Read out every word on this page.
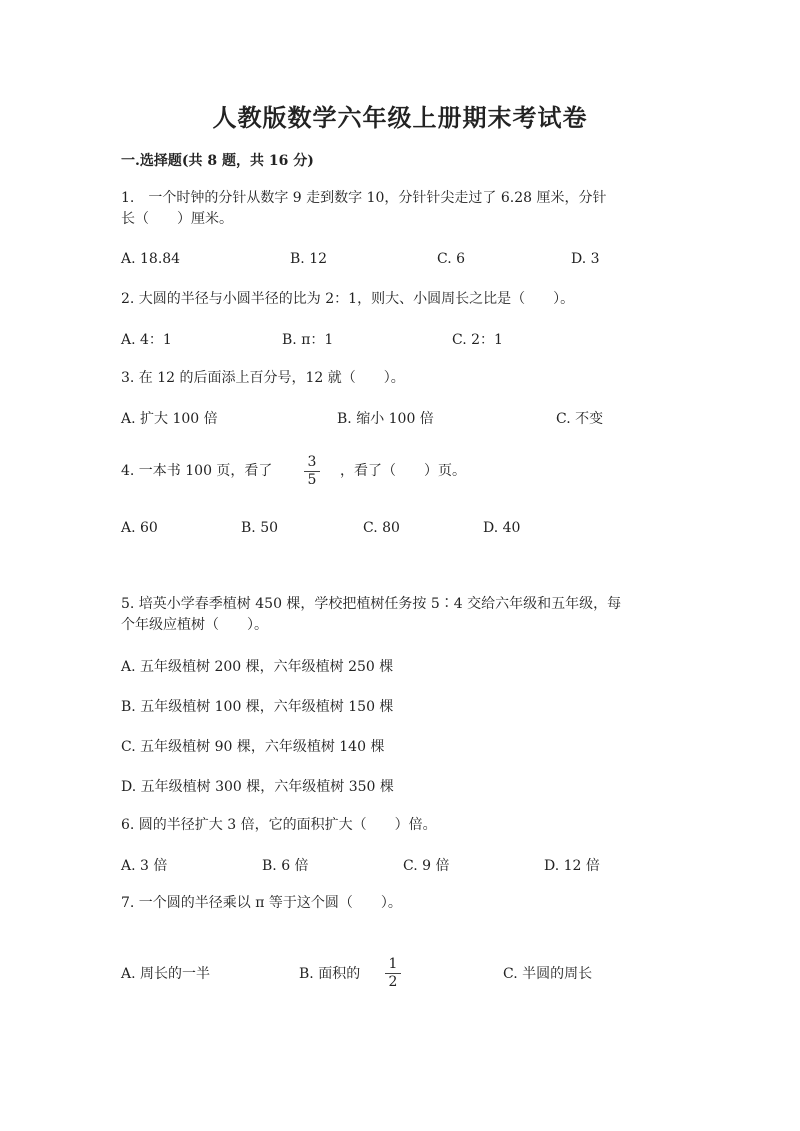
人教版数学六年级上册期末考试卷
一.选择题(共 8 题，共 16 分)
1.　一个时钟的分针从数字 9 走到数字 10，分针针尖走过了 6.28 厘米，分针
长（　　）厘米。
A. 18.84	B. 12	C. 6	D. 3
2. 大圆的半径与小圆半径的比为 2：1，则大、小圆周长之比是（　　）。
A. 4：1	B. π：1	C. 2：1
3. 在 12 的后面添上百分号，12 就（　　）。
A. 扩大 100 倍	B. 缩小 100 倍	C. 不变
4. 一本书 100 页，看了 $\frac{3}{5}$ ，看了（　　）页。
A. 60	B. 50	C. 80	D. 40
5. 培英小学春季植树 450 棵，学校把植树任务按 5∶4 交给六年级和五年级，每
个年级应植树（　　）。
A. 五年级植树 200 棵，六年级植树 250 棵
B. 五年级植树 100 棵，六年级植树 150 棵
C. 五年级植树 90 棵，六年级植树 140 棵
D. 五年级植树 300 棵，六年级植树 350 棵
6. 圆的半径扩大 3 倍，它的面积扩大（　　）倍。
A. 3 倍	B. 6 倍	C. 9 倍	D. 12 倍
7. 一个圆的半径乘以 π 等于这个圆（　　）。
A. 周长的一半	B. 面积的 $\frac{1}{2}$	C. 半圆的周长
